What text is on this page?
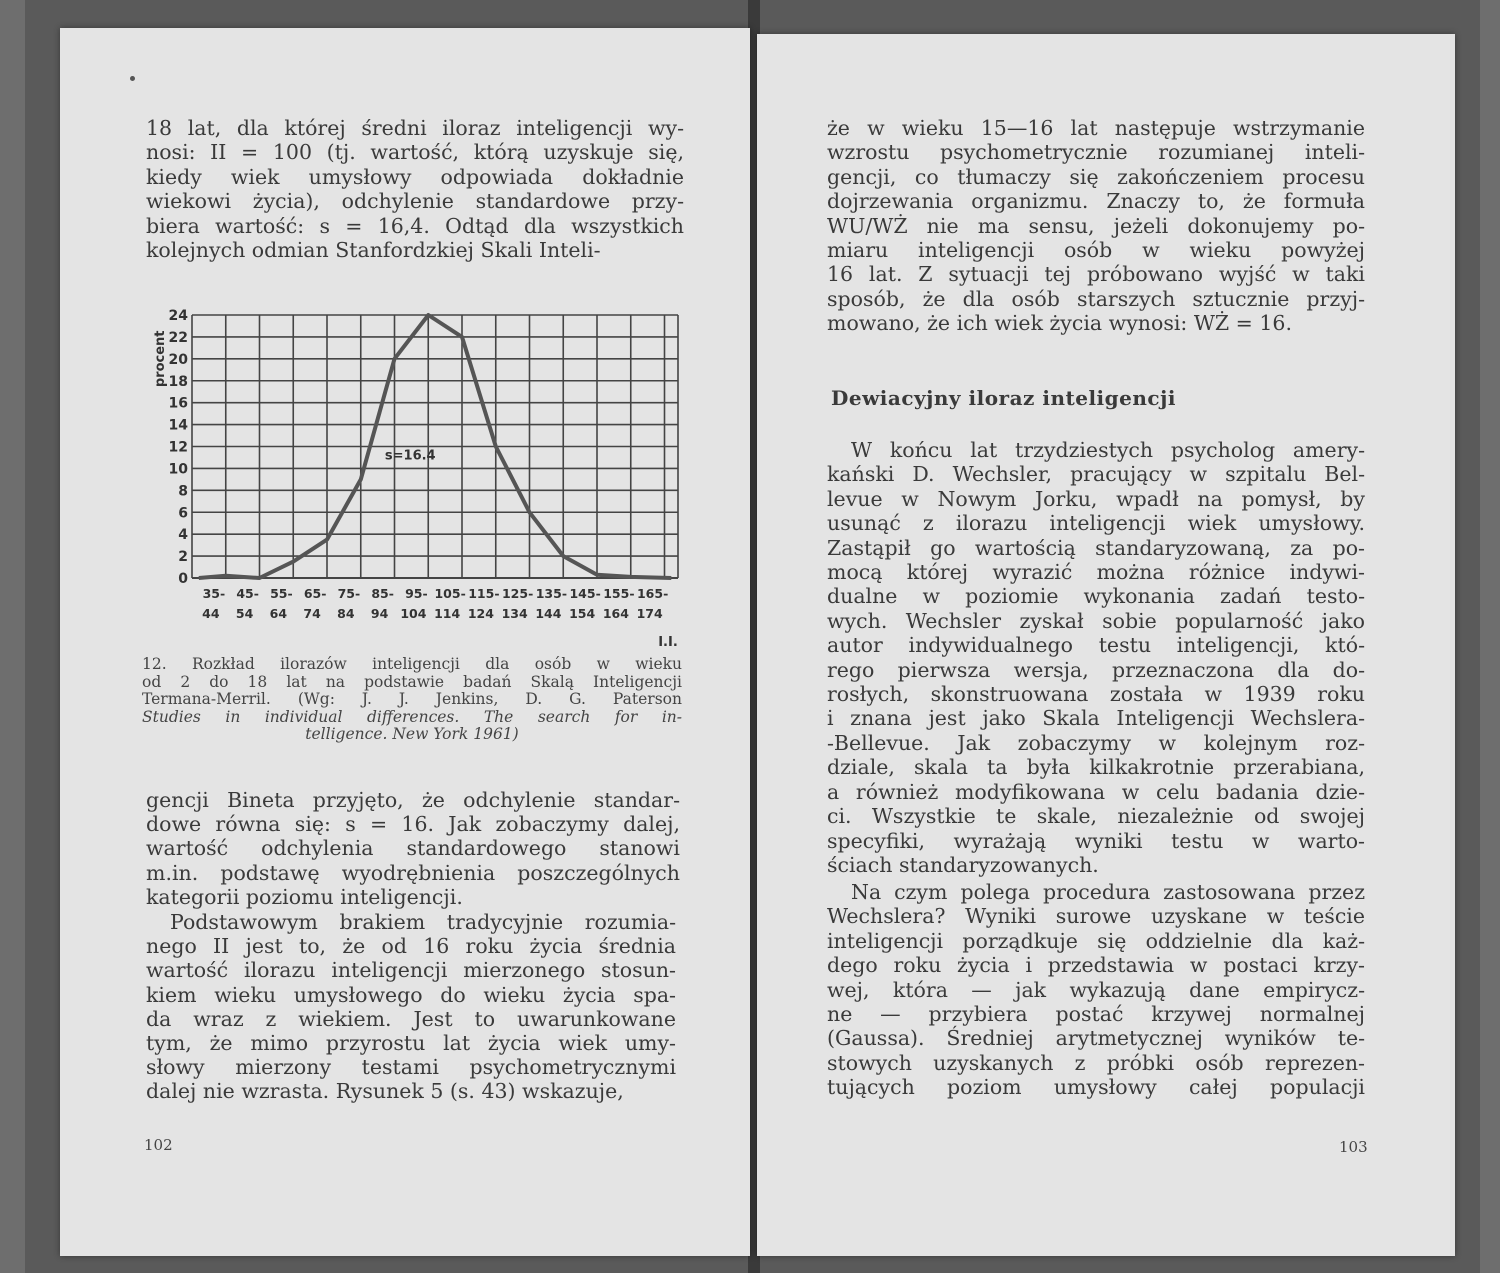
18 lat, dla której średni iloraz inteligencji wy-
nosi: II = 100 (tj. wartość, którą uzyskuje się,
kiedy wiek umysłowy odpowiada dokładnie
wiekowi życia), odchylenie standardowe przy-
biera wartość: s = 16,4. Odtąd dla wszystkich
kolejnych odmian Stanfordzkiej Skali Inteli-
12. Rozkład ilorazów inteligencji dla osób w wieku
od 2 do 18 lat na podstawie badań Skalą Inteligencji
Termana-Merril. (Wg: J. J. Jenkins, D. G. Paterson
Studies in individual differences. The search for in-
telligence. New York 1961)
gencji Bineta przyjęto, że odchylenie standar-
dowe równa się: s = 16. Jak zobaczymy dalej,
wartość odchylenia standardowego stanowi
m.in. podstawę wyodrębnienia poszczególnych
kategorii poziomu inteligencji.
Podstawowym brakiem tradycyjnie rozumia-
nego II jest to, że od 16 roku życia średnia
wartość ilorazu inteligencji mierzonego stosun-
kiem wieku umysłowego do wieku życia spa-
da wraz z wiekiem. Jest to uwarunkowane
tym, że mimo przyrostu lat życia wiek umy-
słowy mierzony testami psychometrycznymi
dalej nie wzrasta. Rysunek 5 (s. 43) wskazuje,
102
0
2
4
6
8
10
12
14
16
18
20
22
24
procent
35-
44
45-
54
55-
64
65-
74
75-
84
85-
94
95-
104
105-
114
115-
124
125-
134
135-
144
145-
154
155-
164
165-
174
I.I.
s=16.4
że w wieku 15—16 lat następuje wstrzymanie
wzrostu psychometrycznie rozumianej inteli-
gencji, co tłumaczy się zakończeniem procesu
dojrzewania organizmu. Znaczy to, że formuła
WU/WŻ nie ma sensu, jeżeli dokonujemy po-
miaru inteligencji osób w wieku powyżej
16 lat. Z sytuacji tej próbowano wyjść w taki
sposób, że dla osób starszych sztucznie przyj-
mowano, że ich wiek życia wynosi: WŻ = 16.
Dewiacyjny iloraz inteligencji
W końcu lat trzydziestych psycholog amery-
kański D. Wechsler, pracujący w szpitalu Bel-
levue w Nowym Jorku, wpadł na pomysł, by
usunąć z ilorazu inteligencji wiek umysłowy.
Zastąpił go wartością standaryzowaną, za po-
mocą której wyrazić można różnice indywi-
dualne w poziomie wykonania zadań testo-
wych. Wechsler zyskał sobie popularność jako
autor indywidualnego testu inteligencji, któ-
rego pierwsza wersja, przeznaczona dla do-
rosłych, skonstruowana została w 1939 roku
i znana jest jako Skala Inteligencji Wechslera-
-Bellevue. Jak zobaczymy w kolejnym roz-
dziale, skala ta była kilkakrotnie przerabiana,
a również modyfikowana w celu badania dzie-
ci. Wszystkie te skale, niezależnie od swojej
specyfiki, wyrażają wyniki testu w warto-
ściach standaryzowanych.
Na czym polega procedura zastosowana przez
Wechslera? Wyniki surowe uzyskane w teście
inteligencji porządkuje się oddzielnie dla każ-
dego roku życia i przedstawia w postaci krzy-
wej, która — jak wykazują dane empirycz-
ne — przybiera postać krzywej normalnej
(Gaussa). Średniej arytmetycznej wyników te-
stowych uzyskanych z próbki osób reprezen-
tujących poziom umysłowy całej populacji
103
